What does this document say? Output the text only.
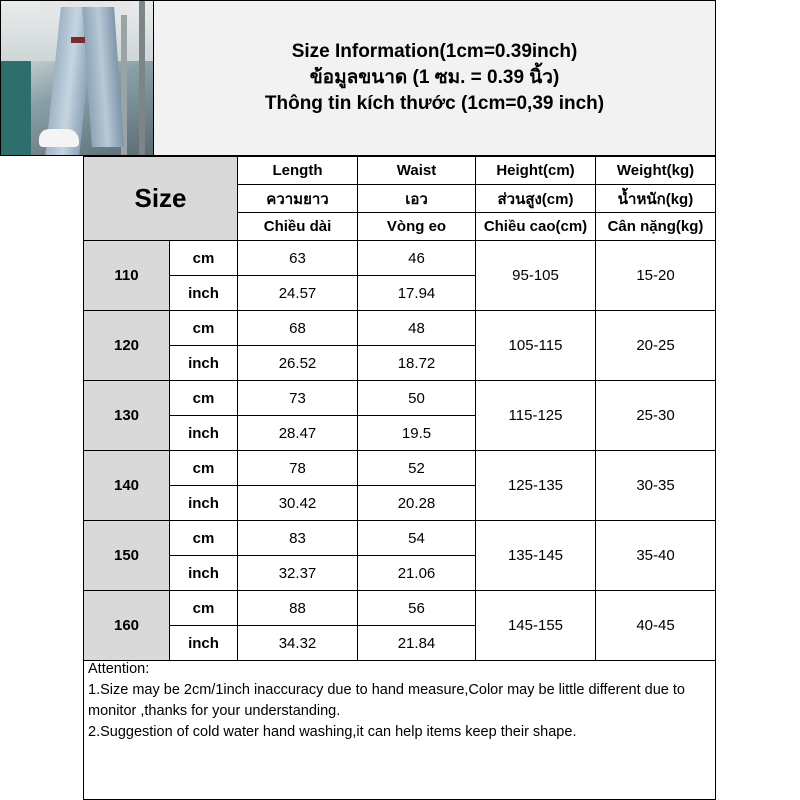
Size Information(1cm=0.39inch)
ข้อมูลขนาด (1 ซม. = 0.39 นิ้ว)
Thông tin kích thước (1cm=0,39 inch)
Size		Length	Waist	Height(cm)	Weight(kg)
		ความยาว	เอว	ส่วนสูง(cm)	น้ำหนัก(kg)
		Chiều dài	Vòng eo	Chiều cao(cm)	Cân nặng(kg)
110	cm	63	46	95-105	15-20
	inch	24.57	17.94		
120	cm	68	48	105-115	20-25
	inch	26.52	18.72		
130	cm	73	50	115-125	25-30
	inch	28.47	19.5		
140	cm	78	52	125-135	30-35
	inch	30.42	20.28		
150	cm	83	54	135-145	35-40
	inch	32.37	21.06		
160	cm	88	56	145-155	40-45
	inch	34.32	21.84		

Attention:

1.Size may be 2cm/1inch inaccuracy due to hand measure,Color may be little different due to monitor ,thanks for your understanding.

2.Suggestion of cold water hand washing,it can help items keep their shape.
